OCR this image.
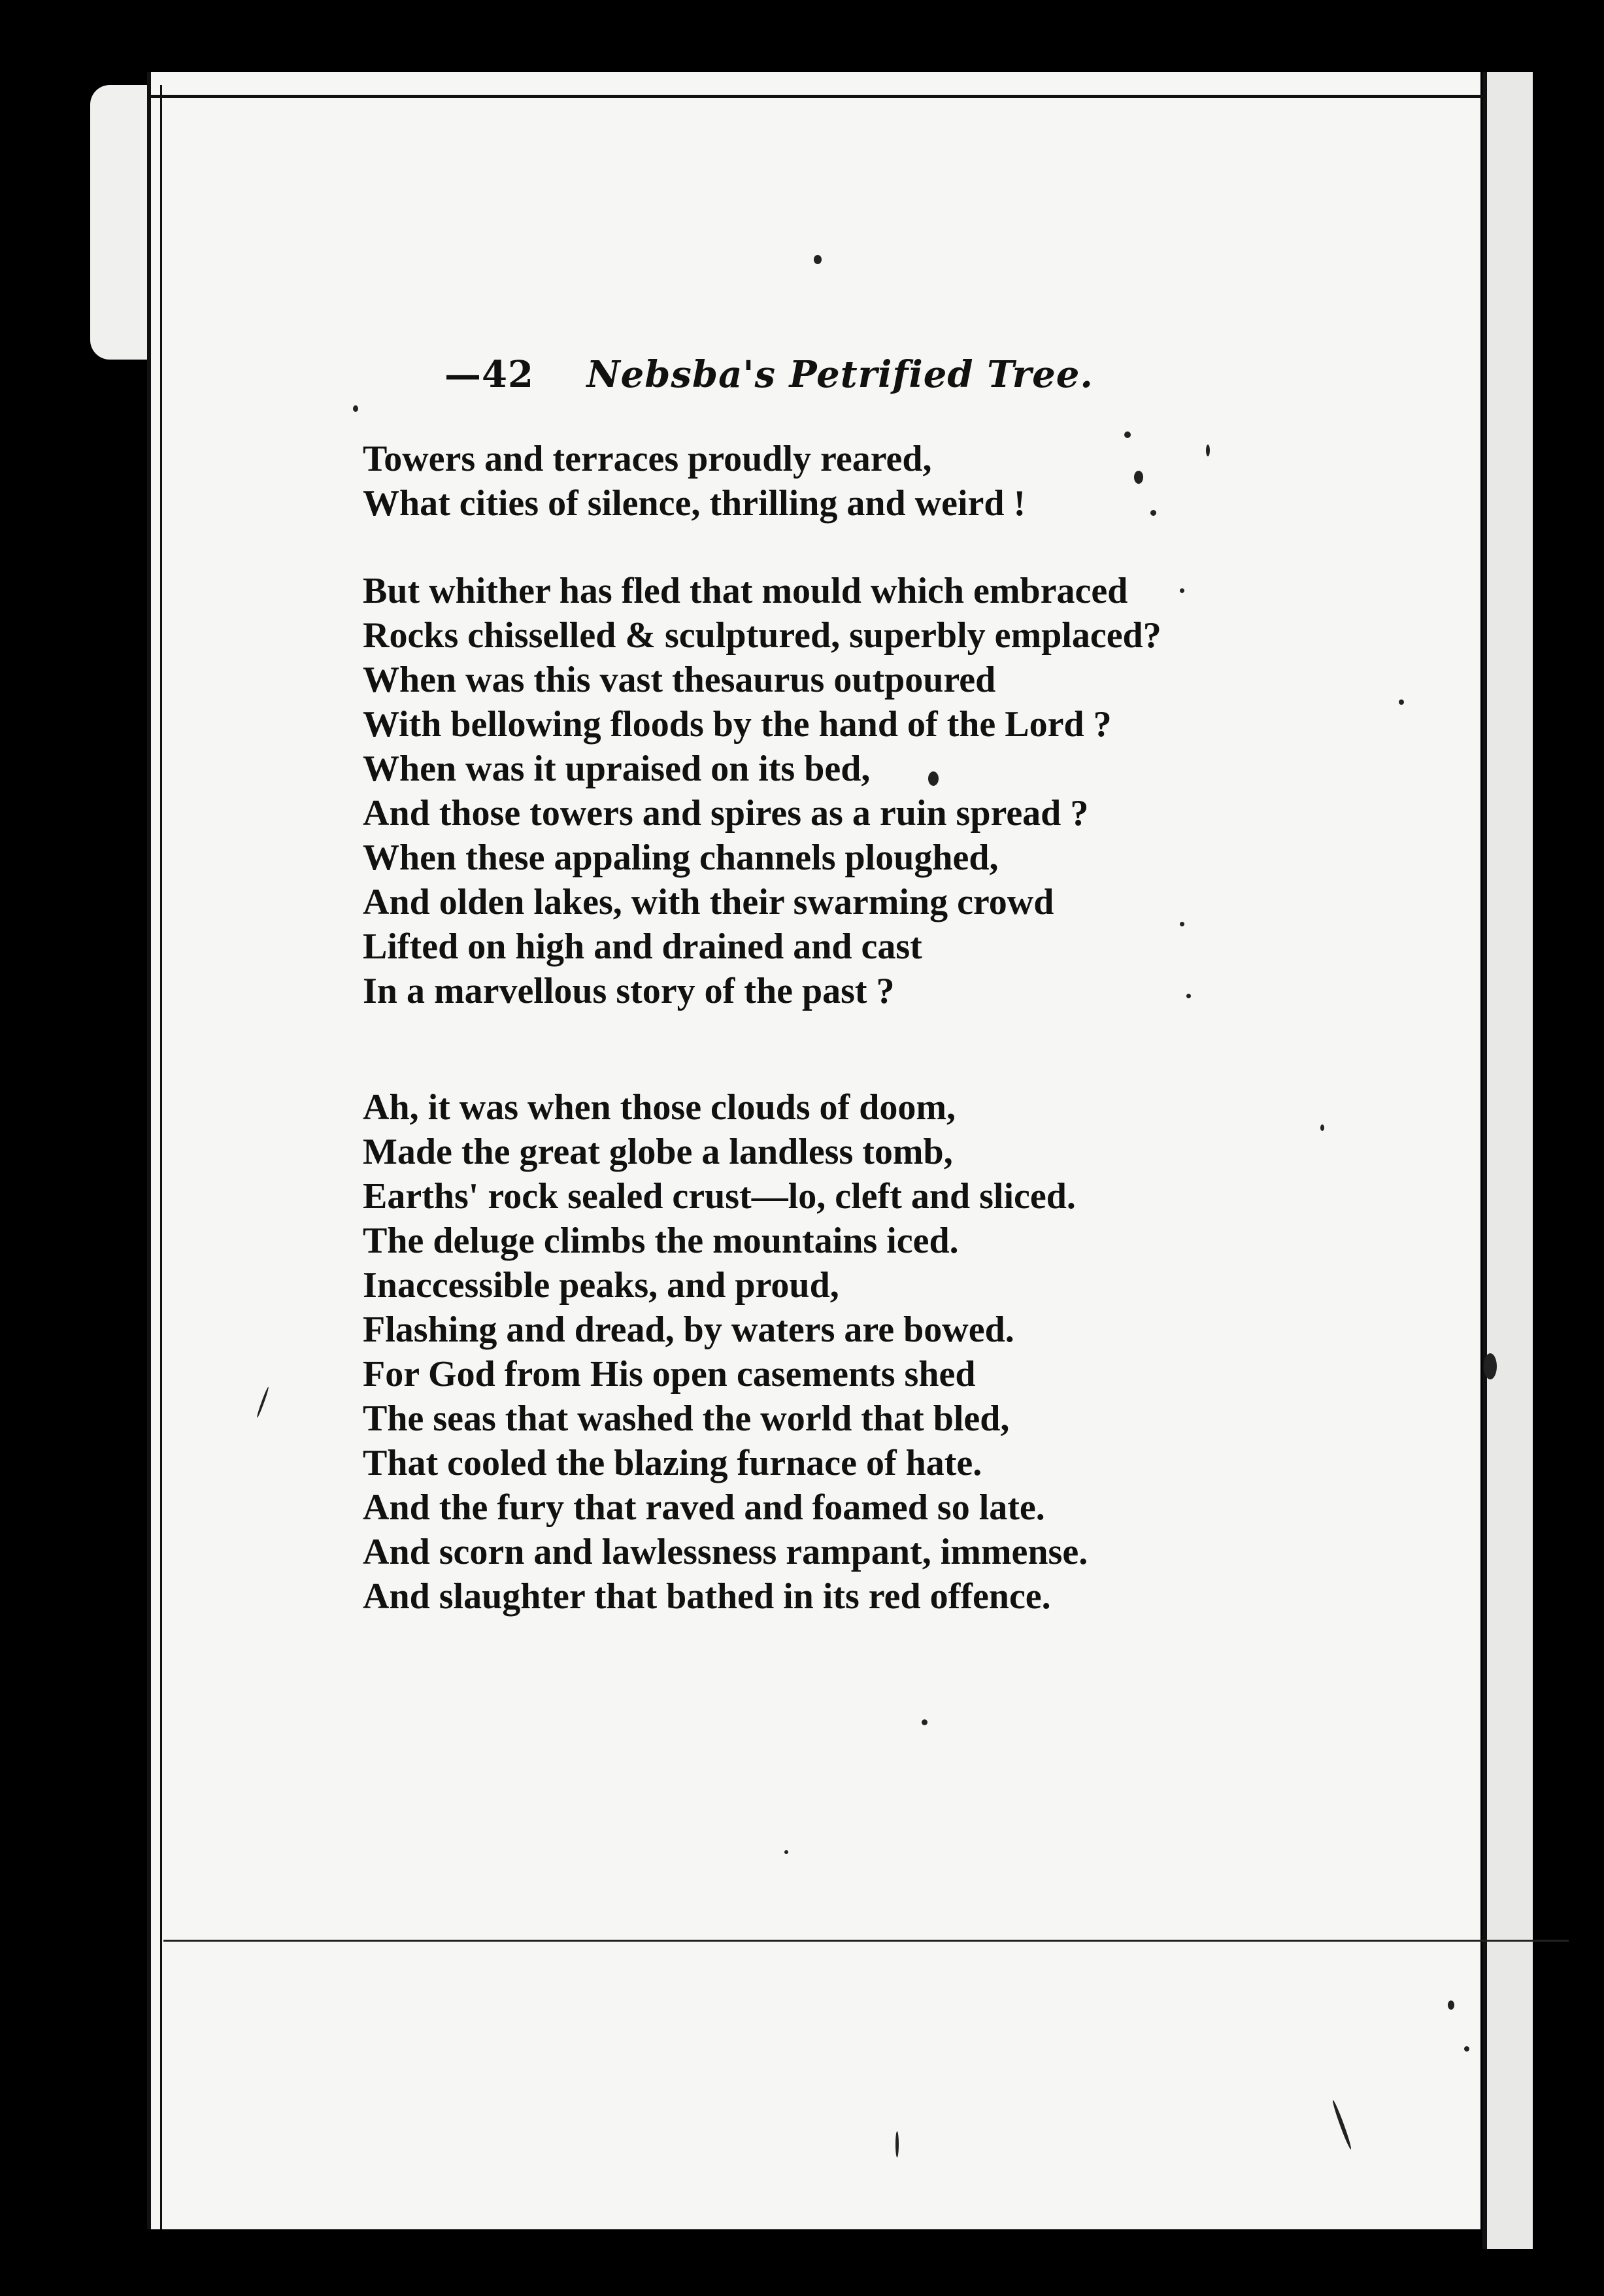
—42 Nebsba's Petrified Tree.
Towers and terraces proudly reared,
What cities of silence, thrilling and weird !
But whither has fled that mould which embraced
Rocks chisselled & sculptured, superbly emplaced?
When was this vast thesaurus outpoured
With bellowing floods by the hand of the Lord ?
When was it upraised on its bed,
And those towers and spires as a ruin spread ?
When these appaling channels ploughed,
And olden lakes, with their swarming crowd
Lifted on high and drained and cast
In a marvellous story of the past ?
Ah, it was when those clouds of doom,
Made the great globe a landless tomb,
Earths' rock sealed crust—lo, cleft and sliced.
The deluge climbs the mountains iced.
Inaccessible peaks, and proud,
Flashing and dread, by waters are bowed.
For God from His open casements shed
The seas that washed the world that bled,
That cooled the blazing furnace of hate.
And the fury that raved and foamed so late.
And scorn and lawlessness rampant, immense.
And slaughter that bathed in its red offence.
